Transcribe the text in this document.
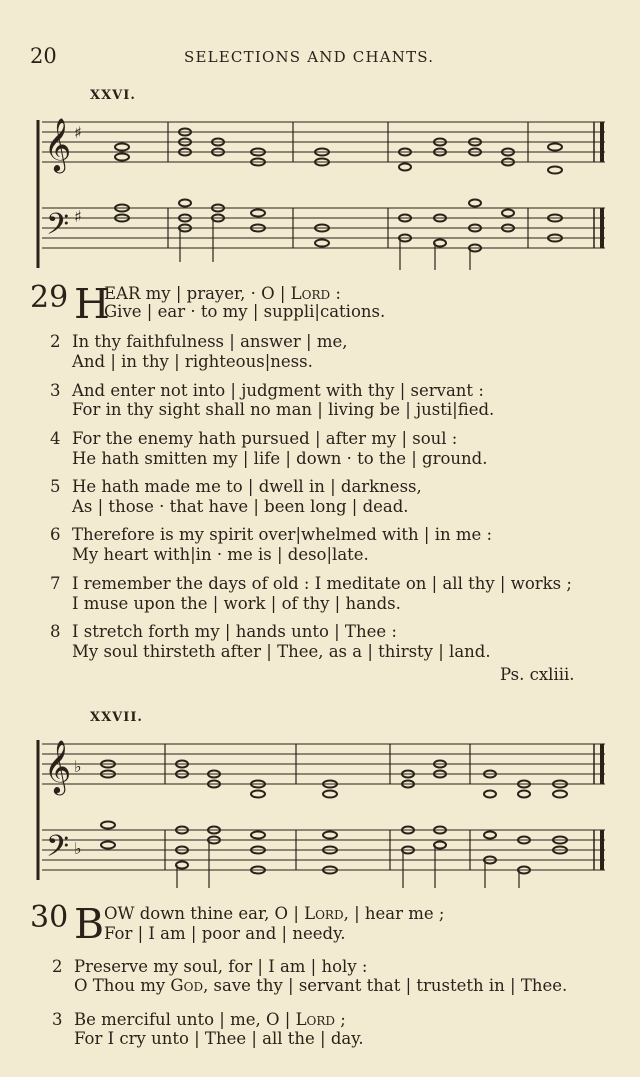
20	SELECTIONS AND CHANTS.
XXVI.
𝄞
𝄢
♯
♯
29 H
EAR my | prayer, · O | Lord :
Give | ear · to my | suppli|cations.
2 In thy faithfulness | answer | me,
And | in thy | righteous|ness.
3 And enter not into | judgment with thy | servant :
For in thy sight shall no man | living be | justi|fied.
4 For the enemy hath pursued | after my | soul :
He hath smitten my | life | down · to the | ground.
5 He hath made me to | dwell in | darkness,
As | those · that have | been long | dead.
6 Therefore is my spirit over|whelmed with | in me :
My heart with|in · me is | deso|late.
7 I remember the days of old : I meditate on | all thy | works ;
I muse upon the | work | of thy | hands.
8 I stretch forth my | hands unto | Thee :
My soul thirsteth after | Thee, as a | thirsty | land.
Ps. cxliii.
XXVII.
𝄞
𝄢
♭
♭
30 B OW down thine ear, O | Lord, | hear me ;
For | I am | poor and | needy.
2 Preserve my soul, for | I am | holy :
O Thou my God, save thy | servant that | trusteth in | Thee.
3 Be merciful unto | me, O | Lord ;
For I cry unto | Thee | all the | day.
